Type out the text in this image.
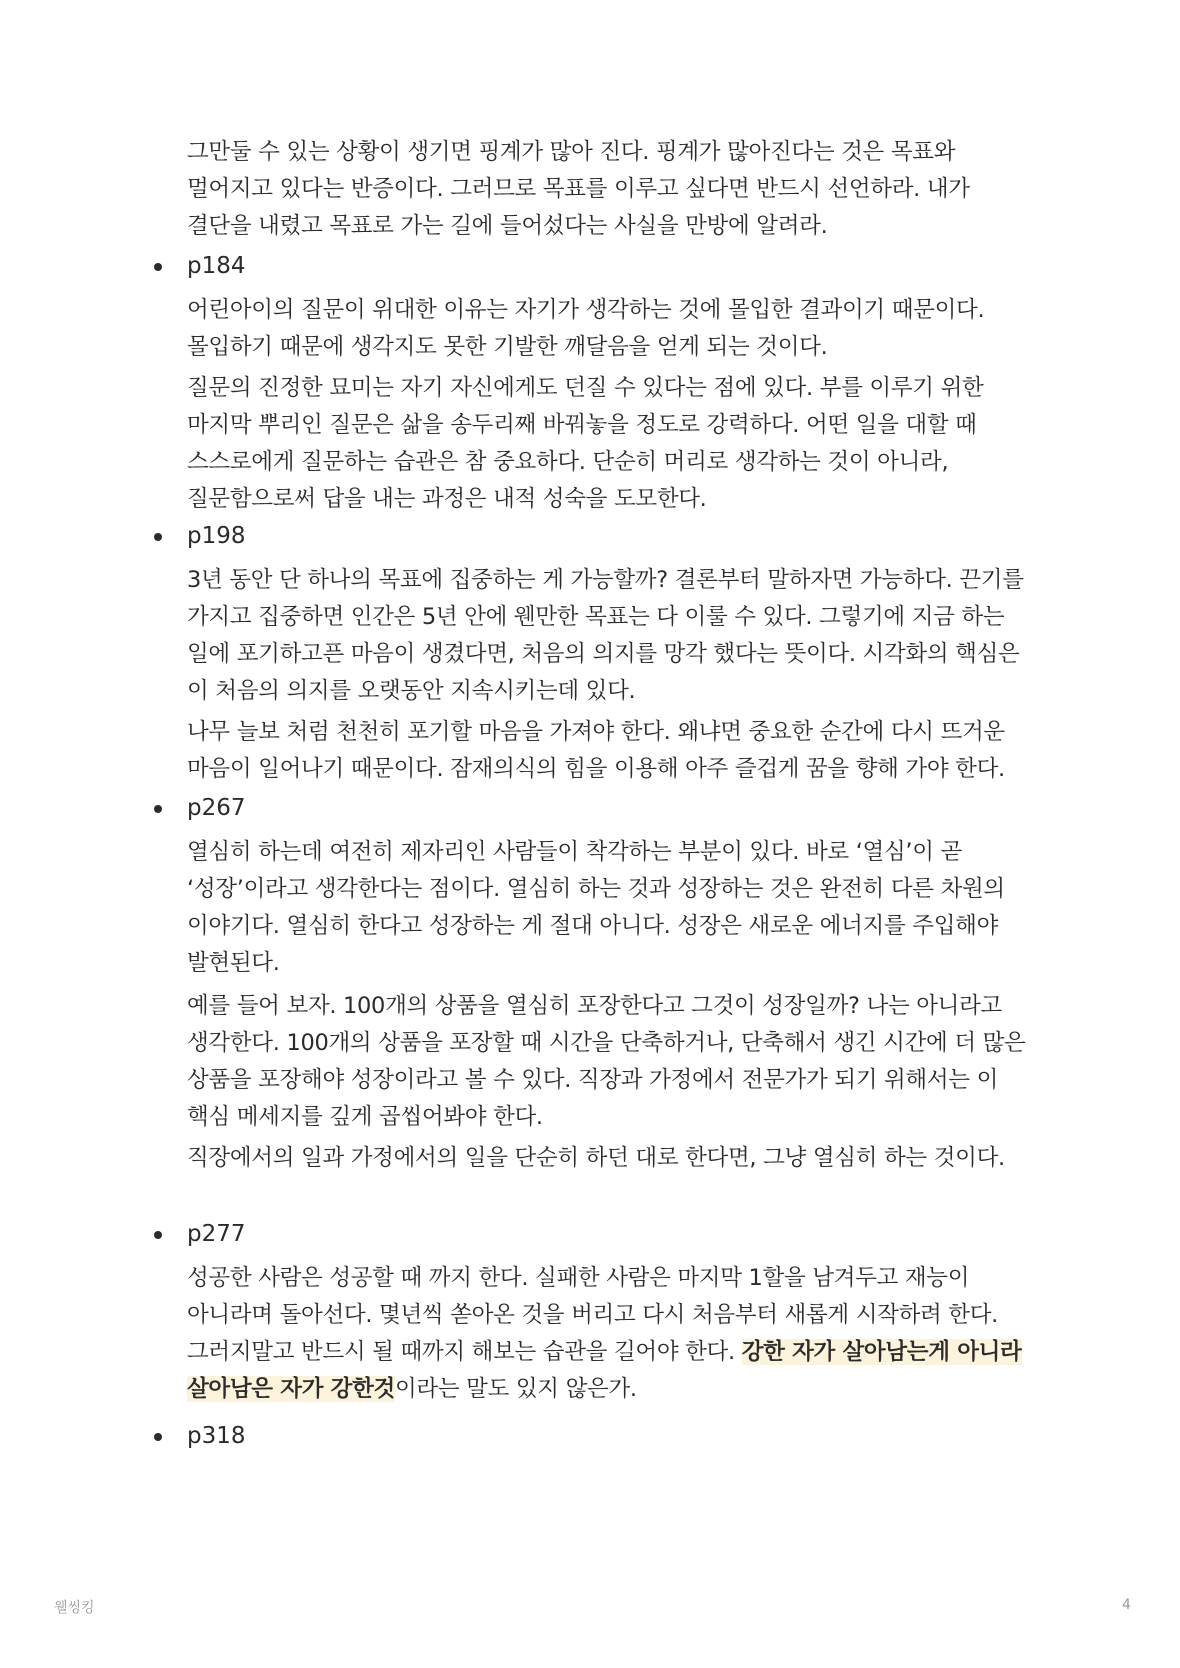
그만둘 수 있는 상황이 생기면 핑계가 많아 진다. 핑계가 많아진다는 것은 목표와 멀어지고 있다는 반증이다. 그러므로 목표를 이루고 싶다면 반드시 선언하라. 내가 결단을 내렸고 목표로 가는 길에 들어섰다는 사실을 만방에 알려라.

p184

어린아이의 질문이 위대한 이유는 자기가 생각하는 것에 몰입한 결과이기 때문이다. 몰입하기 때문에 생각지도 못한 기발한 깨달음을 얻게 되는 것이다.

질문의 진정한 묘미는 자기 자신에게도 던질 수 있다는 점에 있다. 부를 이루기 위한 마지막 뿌리인 질문은 삶을 송두리째 바꿔놓을 정도로 강력하다. 어떤 일을 대할 때 스스로에게 질문하는 습관은 참 중요하다. 단순히 머리로 생각하는 것이 아니라, 질문함으로써 답을 내는 과정은 내적 성숙을 도모한다.

p198

3년 동안 단 하나의 목표에 집중하는 게 가능할까? 결론부터 말하자면 가능하다. 끈기를 가지고 집중하면 인간은 5년 안에 웬만한 목표는 다 이룰 수 있다. 그렇기에 지금 하는 일에 포기하고픈 마음이 생겼다면, 처음의 의지를 망각 했다는 뜻이다. 시각화의 핵심은 이 처음의 의지를 오랫동안 지속시키는데 있다.

나무 늘보 처럼 천천히 포기할 마음을 가져야 한다. 왜냐면 중요한 순간에 다시 뜨거운 마음이 일어나기 때문이다. 잠재의식의 힘을 이용해 아주 즐겁게 꿈을 향해 가야 한다.

p267

열심히 하는데 여전히 제자리인 사람들이 착각하는 부분이 있다. 바로 ‘열심’이 곧 ‘성장’이라고 생각한다는 점이다. 열심히 하는 것과 성장하는 것은 완전히 다른 차원의 이야기다. 열심히 한다고 성장하는 게 절대 아니다. 성장은 새로운 에너지를 주입해야 발현된다.

예를 들어 보자. 100개의 상품을 열심히 포장한다고 그것이 성장일까? 나는 아니라고 생각한다. 100개의 상품을 포장할 때 시간을 단축하거나, 단축해서 생긴 시간에 더 많은 상품을 포장해야 성장이라고 볼 수 있다. 직장과 가정에서 전문가가 되기 위해서는 이 핵심 메세지를 깊게 곱씹어봐야 한다.

직장에서의 일과 가정에서의 일을 단순히 하던 대로 한다면, 그냥 열심히 하는 것이다.

p277

성공한 사람은 성공할 때 까지 한다. 실패한 사람은 마지막 1할을 남겨두고 재능이 아니라며 돌아선다. 몇년씩 쏟아온 것을 버리고 다시 처음부터 새롭게 시작하려 한다. 그러지말고 반드시 될 때까지 해보는 습관을 길어야 한다. 강한 자가 살아남는게 아니라 살아남은 자가 강한것이라는 말도 있지 않은가.

p318
웰씽킹	4
